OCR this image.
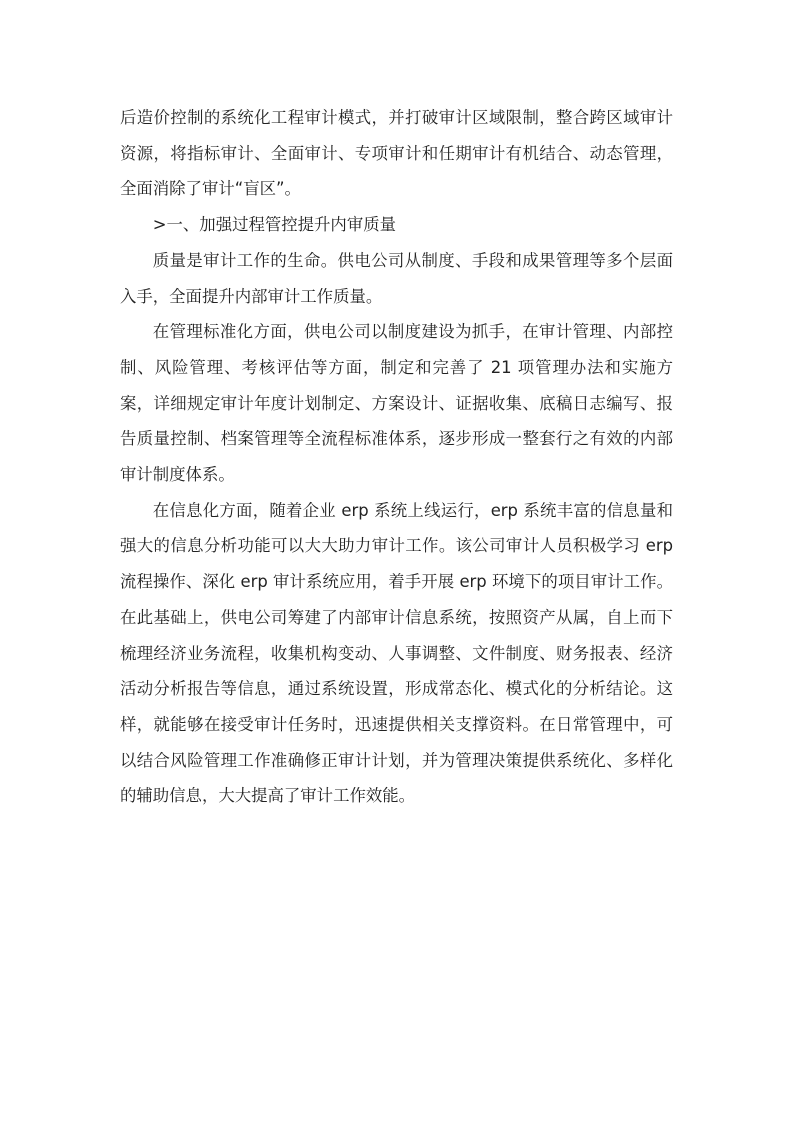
后造价控制的系统化工程审计模式，并打破审计区域限制，整合跨区域审计资源，将指标审计、全面审计、专项审计和任期审计有机结合、动态管理，全面消除了审计“盲区”。

>一、加强过程管控提升内审质量

质量是审计工作的生命。供电公司从制度、手段和成果管理等多个层面入手，全面提升内部审计工作质量。

在管理标准化方面，供电公司以制度建设为抓手，在审计管理、内部控制、风险管理、考核评估等方面，制定和完善了 21 项管理办法和实施方案，详细规定审计年度计划制定、方案设计、证据收集、底稿日志编写、报告质量控制、档案管理等全流程标准体系，逐步形成一整套行之有效的内部审计制度体系。

在信息化方面，随着企业 erp 系统上线运行，erp 系统丰富的信息量和强大的信息分析功能可以大大助力审计工作。该公司审计人员积极学习 erp 流程操作、深化 erp 审计系统应用，着手开展 erp 环境下的项目审计工作。在此基础上，供电公司筹建了内部审计信息系统，按照资产从属，自上而下梳理经济业务流程，收集机构变动、人事调整、文件制度、财务报表、经济活动分析报告等信息，通过系统设置，形成常态化、模式化的分析结论。这样，就能够在接受审计任务时，迅速提供相关支撑资料。在日常管理中，可以结合风险管理工作准确修正审计计划，并为管理决策提供系统化、多样化的辅助信息，大大提高了审计工作效能。
